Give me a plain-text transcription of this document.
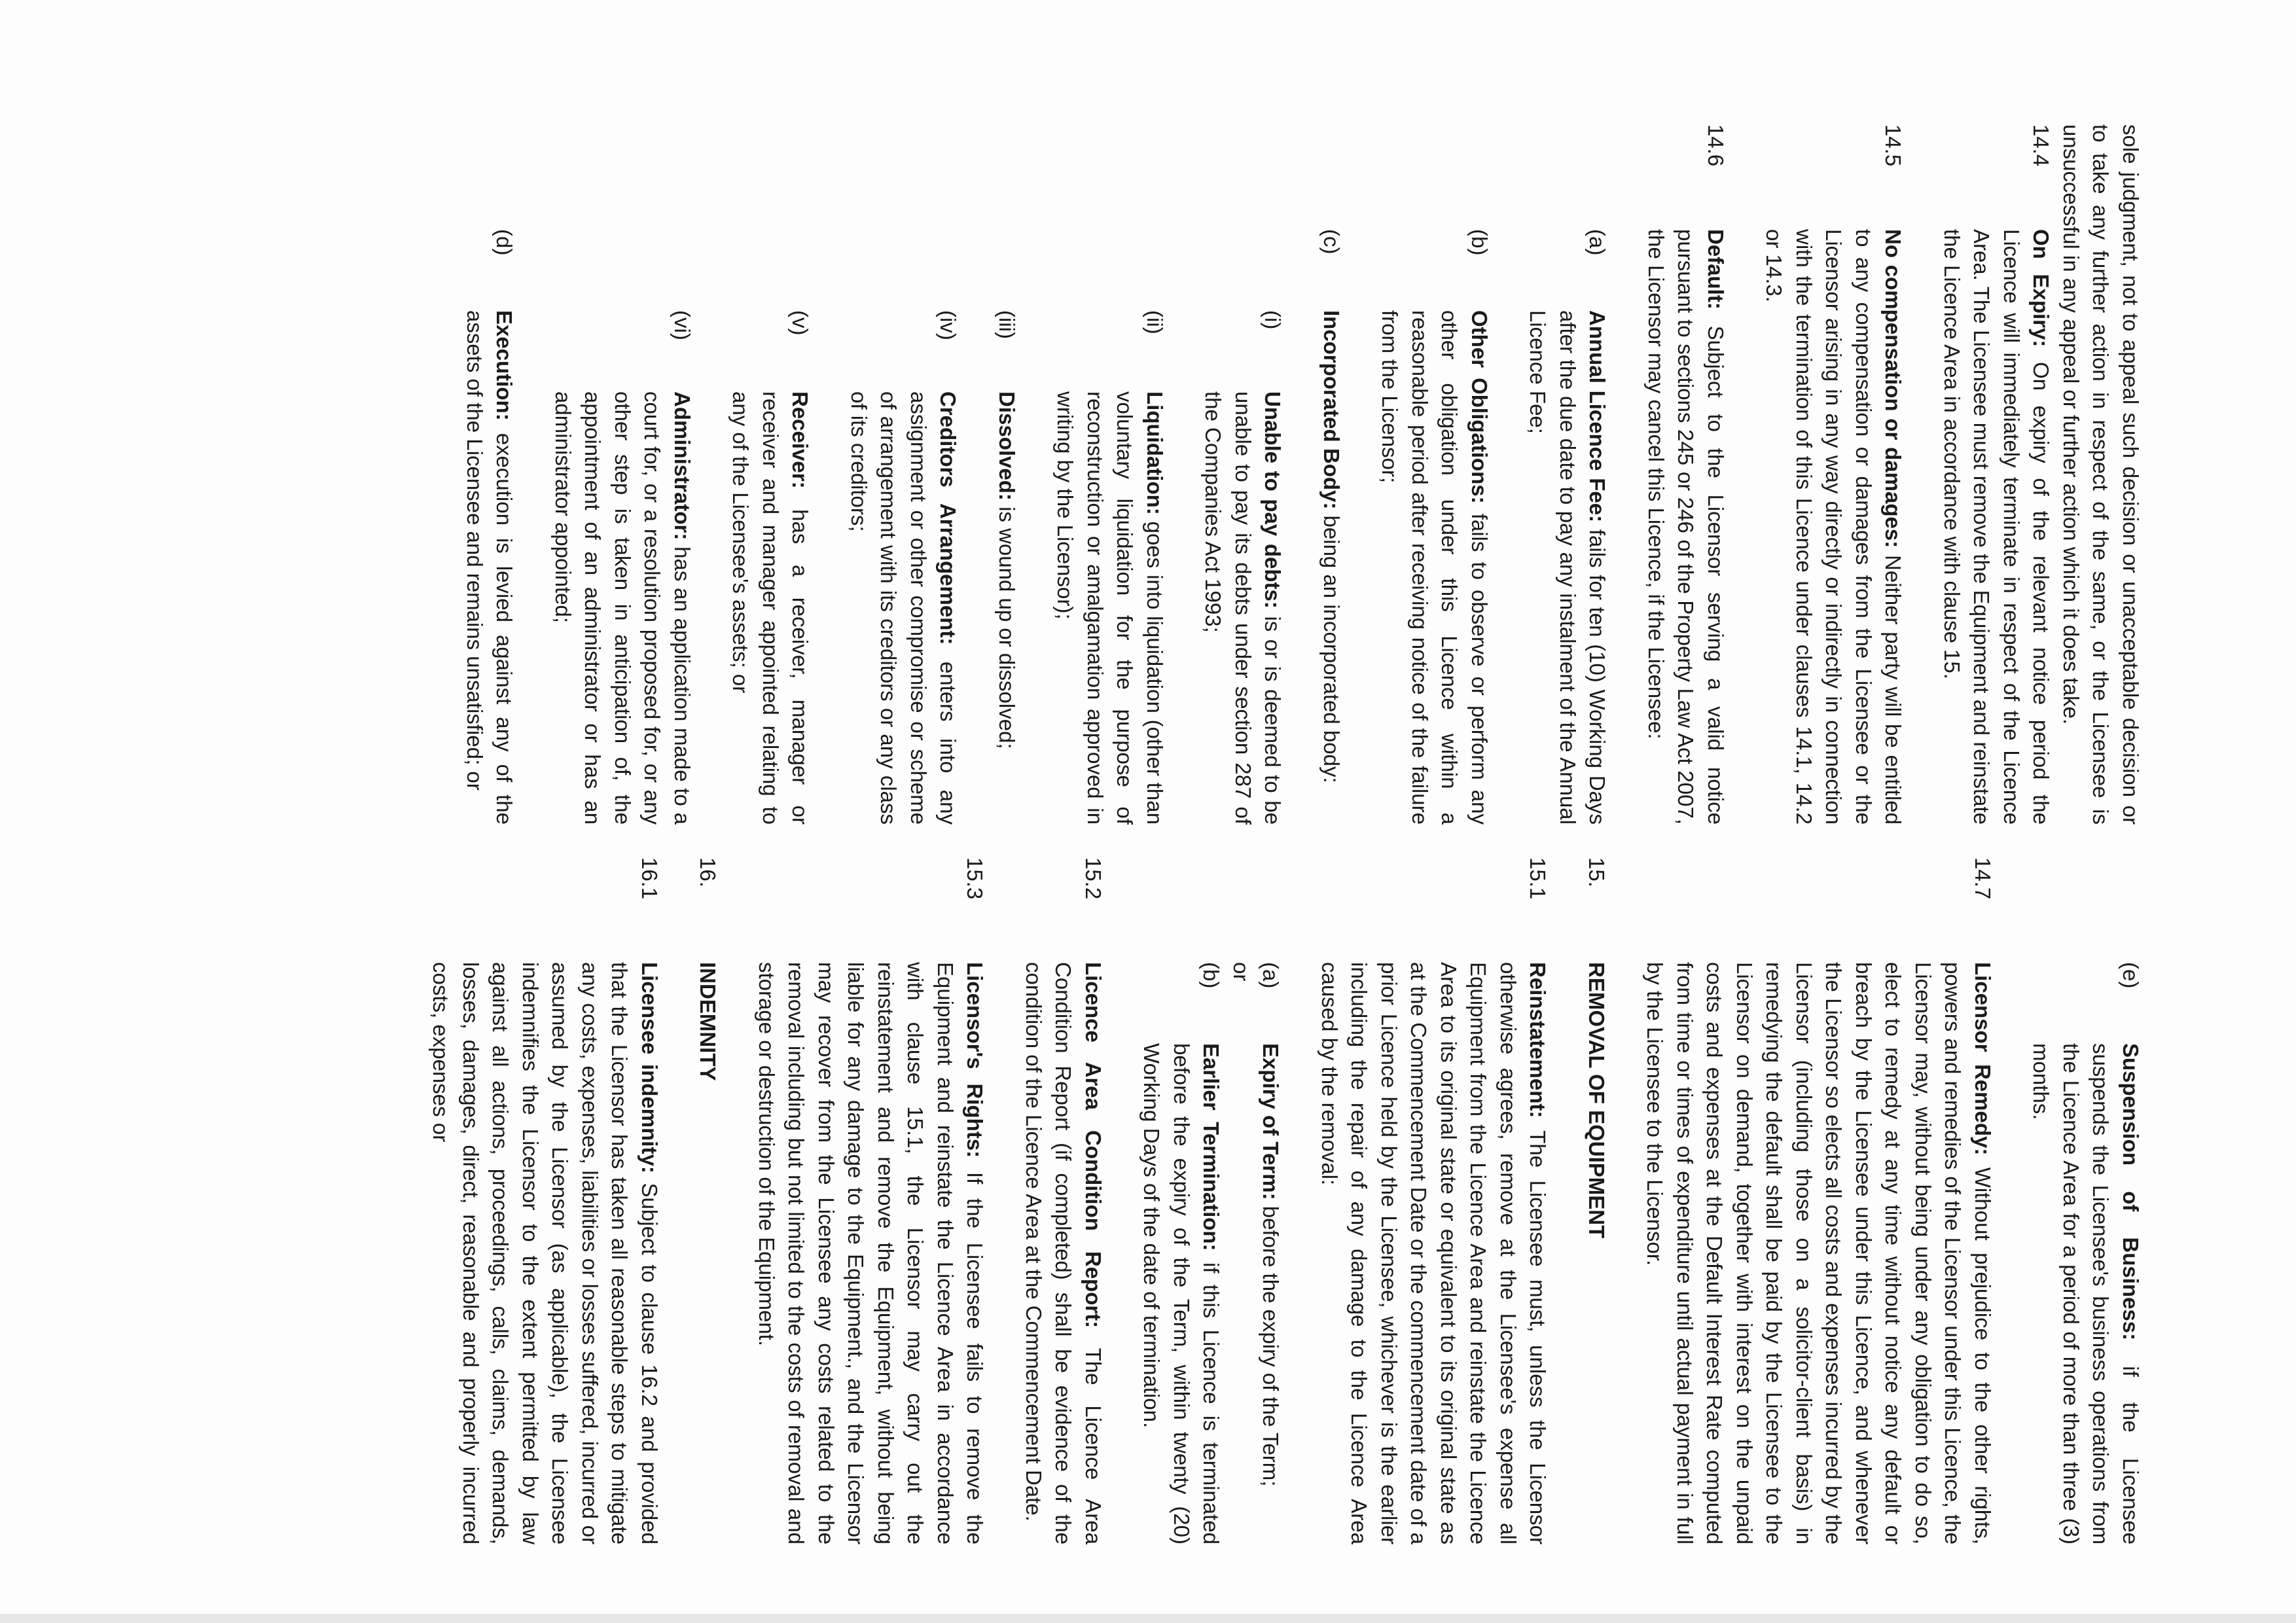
sole judgment, not to appeal such decision or unacceptable decision or to take any further action in respect of the same, or the Licensee is unsuccessful in any appeal or further action which it does take.

14.4

On Expiry: On expiry of the relevant notice period the Licence will immediately terminate in respect of the Licence Area. The Licensee must remove the Equipment and reinstate the Licence Area in accordance with clause 15.

14.5

No compensation or damages: Neither party will be entitled to any compensation or damages from the Licensee or the Licensor arising in any way directly or indirectly in connection with the termination of this Licence under clauses 14.1, 14.2 or 14.3.

14.6

Default: Subject to the Licensor serving a valid notice pursuant to sections 245 or 246 of the Property Law Act 2007, the Licensor may cancel this Licence, if the Licensee:

(a)

Annual Licence Fee: fails for ten (10) Working Days after the due date to pay any instalment of the Annual Licence Fee;

(b)

Other Obligations: fails to observe or perform any other obligation under this Licence within a reasonable period after receiving notice of the failure from the Licensor;

(c)

Incorporated Body: being an incorporated body:

(i)

Unable to pay debts: is or is deemed to be unable to pay its debts under section 287 of the Companies Act 1993;

(ii)

Liquidation: goes into liquidation (other than voluntary liquidation for the purpose of reconstruction or amalgamation approved in writing by the Licensor);

(iii)

Dissolved: is wound up or dissolved;

(iv)

Creditors Arrangement: enters into any assignment or other compromise or scheme of arrangement with its creditors or any class of its creditors;

(v)

Receiver: has a receiver, manager or receiver and manager appointed relating to any of the Licensee's assets; or

(vi)

Administrator: has an application made to a court for, or a resolution proposed for, or any other step is taken in anticipation of, the appointment of an administrator or has an administrator appointed;

(d)

Execution: execution is levied against any of the assets of the Licensee and remains unsatisfied; or

(e)

Suspension of Business: if the Licensee suspends the Licensee's business operations from the Licence Area for a period of more than three (3) months.

14.7

Licensor Remedy: Without prejudice to the other rights, powers and remedies of the Licensor under this Licence, the Licensor may, without being under any obligation to do so, elect to remedy at any time without notice any default or breach by the Licensee under this Licence, and whenever the Licensor so elects all costs and expenses incurred by the Licensor (including those on a solicitor-client basis) in remedying the default shall be paid by the Licensee to the Licensor on demand, together with interest on the unpaid costs and expenses at the Default Interest Rate computed from time or times of expenditure until actual payment in full by the Licensee to the Licensor.

15.

REMOVAL OF EQUIPMENT

15.1

Reinstatement: The Licensee must, unless the Licensor otherwise agrees, remove at the Licensee's expense all Equipment from the Licence Area and reinstate the Licence Area to its original state or equivalent to its original state as at the Commencement Date or the commencement date of a prior Licence held by the Licensee, whichever is the earlier including the repair of any damage to the Licence Area caused by the removal:

(a)

Expiry of Term: before the expiry of the Term;

or

(b)

Earlier Termination: if this Licence is terminated before the expiry of the Term, within twenty (20) Working Days of the date of termination.

15.2

Licence Area Condition Report: The Licence Area Condition Report (if completed) shall be evidence of the condition of the Licence Area at the Commencement Date.

15.3

Licensor's Rights: If the Licensee fails to remove the Equipment and reinstate the Licence Area in accordance with clause 15.1, the Licensor may carry out the reinstatement and remove the Equipment, without being liable for any damage to the Equipment., and the Licensor may recover from the Licensee any costs related to the removal including but not limited to the costs of removal and storage or destruction of the Equipment.

16.

INDEMNITY

16.1

Licensee indemnity: Subject to clause 16.2 and provided that the Licensor has taken all reasonable steps to mitigate any costs, expenses, liabilities or losses suffered, incurred or assumed by the Licensor (as applicable), the Licensee indemnifies the Licensor to the extent permitted by law against all actions, proceedings, calls, claims, demands, losses, damages, direct, reasonable and properly incurred costs, expenses or
